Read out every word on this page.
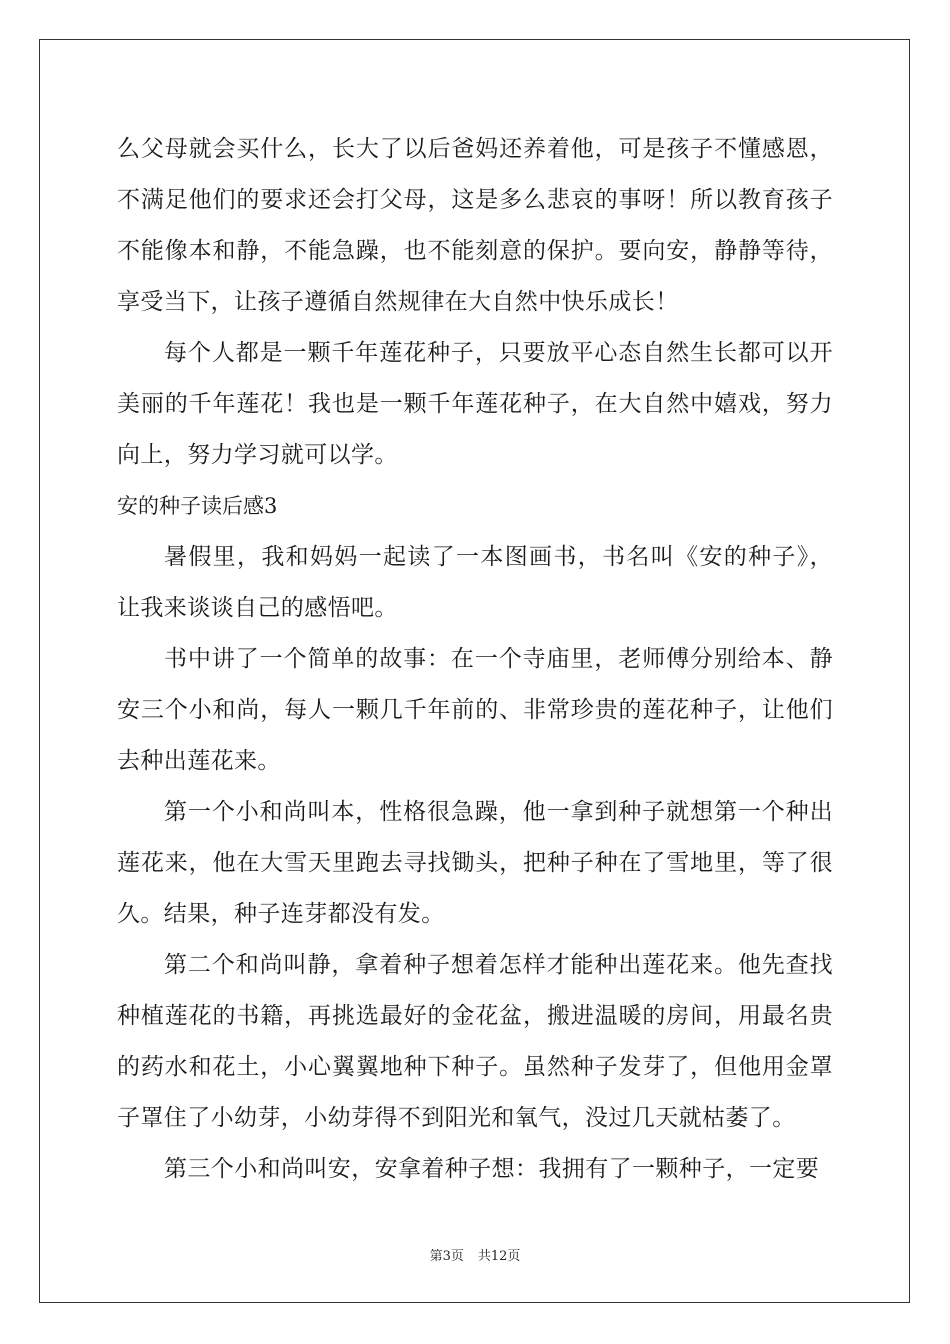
么父母就会买什么，长大了以后爸妈还养着他，可是孩子不懂感恩，
不满足他们的要求还会打父母，这是多么悲哀的事呀！所以教育孩子
不能像本和静，不能急躁，也不能刻意的保护。要向安，静静等待，
享受当下，让孩子遵循自然规律在大自然中快乐成长！
每个人都是一颗千年莲花种子，只要放平心态自然生长都可以开
美丽的千年莲花！我也是一颗千年莲花种子，在大自然中嬉戏，努力
向上，努力学习就可以学。
安的种子读后感3
暑假里，我和妈妈一起读了一本图画书，书名叫《安的种子》，
让我来谈谈自己的感悟吧。
书中讲了一个简单的故事：在一个寺庙里，老师傅分别给本、静
安三个小和尚，每人一颗几千年前的、非常珍贵的莲花种子，让他们
去种出莲花来。
第一个小和尚叫本，性格很急躁，他一拿到种子就想第一个种出
莲花来，他在大雪天里跑去寻找锄头，把种子种在了雪地里，等了很
久。结果，种子连芽都没有发。
第二个和尚叫静，拿着种子想着怎样才能种出莲花来。他先查找
种植莲花的书籍，再挑选最好的金花盆，搬进温暖的房间，用最名贵
的药水和花土，小心翼翼地种下种子。虽然种子发芽了，但他用金罩
子罩住了小幼芽，小幼芽得不到阳光和氧气，没过几天就枯萎了。
第三个小和尚叫安，安拿着种子想：我拥有了一颗种子，一定要
第3页 共12页
